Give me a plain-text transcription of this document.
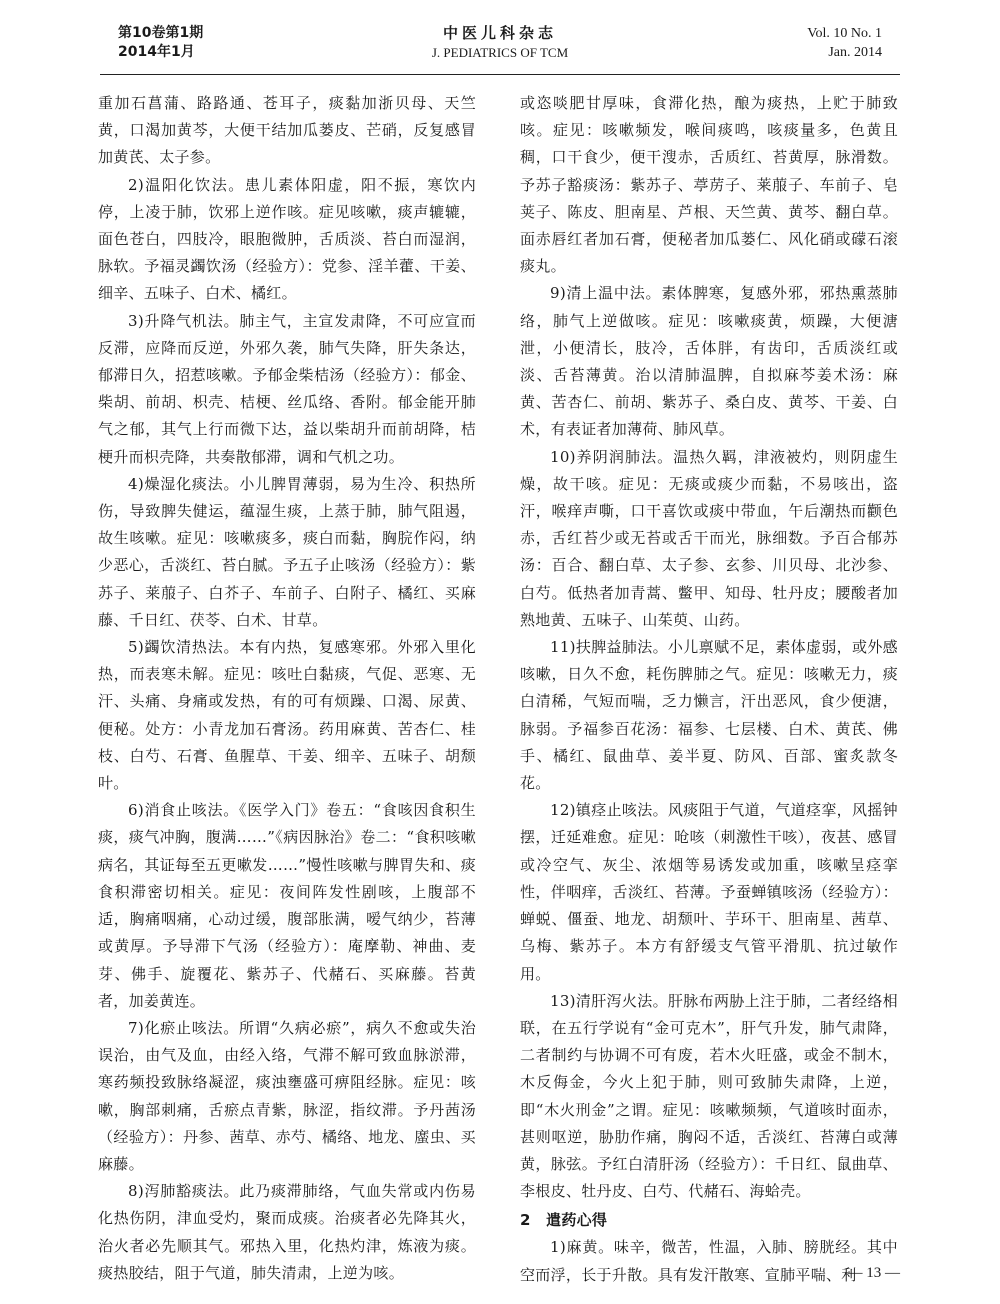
第10卷第1期
2014年1月
中医儿科杂志
J. PEDIATRICS OF TCM
Vol. 10 No. 1
Jan. 2014

重加石菖蒲、路路通、苍耳子，痰黏加浙贝母、天竺黄，口渴加黄芩，大便干结加瓜蒌皮、芒硝，反复感冒加黄芪、太子参。

2)温阳化饮法。患儿素体阳虚，阳不振，寒饮内停，上凌于肺，饮邪上逆作咳。症见咳嗽，痰声辘辘，面色苍白，四肢冷，眼胞微肿，舌质淡、苔白而湿润，脉软。予福灵蠲饮汤（经验方）：党参、淫羊藿、干姜、细辛、五味子、白术、橘红。

3)升降气机法。肺主气，主宣发肃降，不可应宣而反滞，应降而反逆，外邪久袭，肺气失降，肝失条达，郁滞日久，招惹咳嗽。予郁金柴桔汤（经验方）：郁金、柴胡、前胡、枳壳、桔梗、丝瓜络、香附。郁金能开肺气之郁，其气上行而微下达，益以柴胡升而前胡降，桔梗升而枳壳降，共奏散郁滞，调和气机之功。

4)燥湿化痰法。小儿脾胃薄弱，易为生冷、积热所伤，导致脾失健运，蕴湿生痰，上蒸于肺，肺气阻遏，故生咳嗽。症见：咳嗽痰多，痰白而黏，胸脘作闷，纳少恶心，舌淡红、苔白腻。予五子止咳汤（经验方）：紫苏子、莱菔子、白芥子、车前子、白附子、橘红、买麻藤、千日红、茯苓、白术、甘草。

5)蠲饮清热法。本有内热，复感寒邪。外邪入里化热，而表寒未解。症见：咳吐白黏痰，气促、恶寒、无汗、头痛、身痛或发热，有的可有烦躁、口渴、尿黄、便秘。处方：小青龙加石膏汤。药用麻黄、苦杏仁、桂枝、白芍、石膏、鱼腥草、干姜、细辛、五味子、胡颓叶。

6)消食止咳法。《医学入门》卷五：“食咳因食积生痰，痰气冲胸，腹满……”《病因脉治》卷二：“食积咳嗽病名，其证每至五更嗽发……”慢性咳嗽与脾胃失和、痰食积滞密切相关。症见：夜间阵发性剧咳，上腹部不适，胸痛咽痛，心动过缓，腹部胀满，嗳气纳少，苔薄或黄厚。予导滞下气汤（经验方）：庵摩勒、神曲、麦芽、佛手、旋覆花、紫苏子、代赭石、买麻藤。苔黄者，加姜黄连。

7)化瘀止咳法。所谓“久病必瘀”，病久不愈或失治误治，由气及血，由经入络，气滞不解可致血脉淤滞，寒药频投致脉络凝涩，痰浊壅盛可痹阻经脉。症见：咳嗽，胸部刺痛，舌瘀点青紫，脉涩，指纹滞。予丹茜汤（经验方）：丹参、茜草、赤芍、橘络、地龙、䗪虫、买麻藤。

8)泻肺豁痰法。此乃痰滞肺络，气血失常或内伤易化热伤阴，津血受灼，聚而成痰。治痰者必先降其火，治火者必先顺其气。邪热入里，化热灼津，炼液为痰。痰热胶结，阻于气道，肺失清肃，上逆为咳。

或恣啖肥甘厚味，食滞化热，酿为痰热，上贮于肺致咳。症见：咳嗽频发，喉间痰鸣，咳痰量多，色黄且稠，口干食少，便干溲赤，舌质红、苔黄厚，脉滑数。予苏子豁痰汤：紫苏子、葶苈子、莱菔子、车前子、皂荚子、陈皮、胆南星、芦根、天竺黄、黄芩、翻白草。面赤唇红者加石膏，便秘者加瓜蒌仁、风化硝或礞石滚痰丸。

9)清上温中法。素体脾寒，复感外邪，邪热熏蒸肺络，肺气上逆做咳。症见：咳嗽痰黄，烦躁，大便溏泄，小便清长，肢冷，舌体胖，有齿印，舌质淡红或淡、舌苔薄黄。治以清肺温脾，自拟麻芩姜术汤：麻黄、苦杏仁、前胡、紫苏子、桑白皮、黄芩、干姜、白术，有表证者加薄荷、肺风草。

10)养阴润肺法。温热久羁，津液被灼，则阴虚生燥，故干咳。症见：无痰或痰少而黏，不易咳出，盗汗，喉痒声嘶，口干喜饮或痰中带血，午后潮热而颧色赤，舌红苔少或无苔或舌干而光，脉细数。予百合郁苏汤：百合、翻白草、太子参、玄参、川贝母、北沙参、白芍。低热者加青蒿、鳖甲、知母、牡丹皮；腰酸者加熟地黄、五味子、山茱萸、山药。

11)扶脾益肺法。小儿禀赋不足，素体虚弱，或外感咳嗽，日久不愈，耗伤脾肺之气。症见：咳嗽无力，痰白清稀，气短而喘，乏力懒言，汗出恶风，食少便溏，脉弱。予福参百花汤：福参、七层楼、白术、黄芪、佛手、橘红、鼠曲草、姜半夏、防风、百部、蜜炙款冬花。

12)镇痉止咳法。风痰阻于气道，气道痉挛，风摇钟摆，迁延难愈。症见：呛咳（刺激性干咳），夜甚、感冒或冷空气、灰尘、浓烟等易诱发或加重，咳嗽呈痉挛性，伴咽痒，舌淡红、苔薄。予蚕蝉镇咳汤（经验方）：蝉蜕、僵蚕、地龙、胡颓叶、芋环干、胆南星、茜草、乌梅、紫苏子。本方有舒缓支气管平滑肌、抗过敏作用。

13)清肝泻火法。肝脉布两胁上注于肺，二者经络相联，在五行学说有“金可克木”，肝气升发，肺气肃降，二者制约与协调不可有废，若木火旺盛，或金不制木，木反侮金，今火上犯于肺，则可致肺失肃降，上逆，即“木火刑金”之谓。症见：咳嗽频频，气道咳时面赤，甚则呕逆，胁肋作痛，胸闷不适，舌淡红、苔薄白或薄黄，脉弦。予红白清肝汤（经验方）：千日红、鼠曲草、李根皮、牡丹皮、白芍、代赭石、海蛤壳。

2　遣药心得

1)麻黄。味辛，微苦，性温，入肺、膀胱经。其中空而浮，长于升散。具有发汗散寒、宣肺平喘、利

— 13 —
